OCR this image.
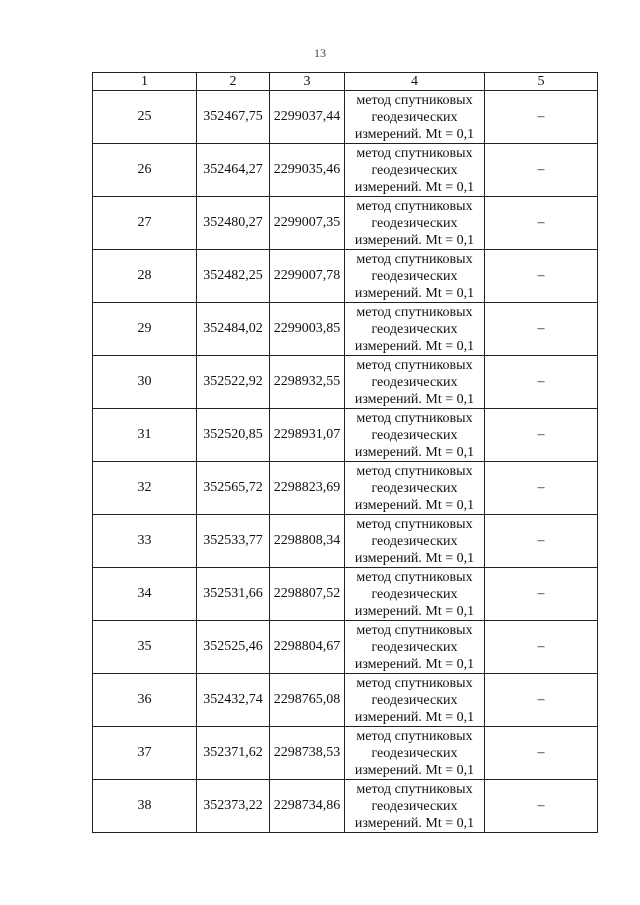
13
1	2	3	4	5
25	352467,75	2299037,44	метод спутниковых
геодезических
измерений. Mt = 0,1	–
26	352464,27	2299035,46	метод спутниковых
геодезических
измерений. Mt = 0,1	–
27	352480,27	2299007,35	метод спутниковых
геодезических
измерений. Mt = 0,1	–
28	352482,25	2299007,78	метод спутниковых
геодезических
измерений. Mt = 0,1	–
29	352484,02	2299003,85	метод спутниковых
геодезических
измерений. Mt = 0,1	–
30	352522,92	2298932,55	метод спутниковых
геодезических
измерений. Mt = 0,1	–
31	352520,85	2298931,07	метод спутниковых
геодезических
измерений. Mt = 0,1	–
32	352565,72	2298823,69	метод спутниковых
геодезических
измерений. Mt = 0,1	–
33	352533,77	2298808,34	метод спутниковых
геодезических
измерений. Mt = 0,1	–
34	352531,66	2298807,52	метод спутниковых
геодезических
измерений. Mt = 0,1	–
35	352525,46	2298804,67	метод спутниковых
геодезических
измерений. Mt = 0,1	–
36	352432,74	2298765,08	метод спутниковых
геодезических
измерений. Mt = 0,1	–
37	352371,62	2298738,53	метод спутниковых
геодезических
измерений. Mt = 0,1	–
38	352373,22	2298734,86	метод спутниковых
геодезических
измерений. Mt = 0,1	–
